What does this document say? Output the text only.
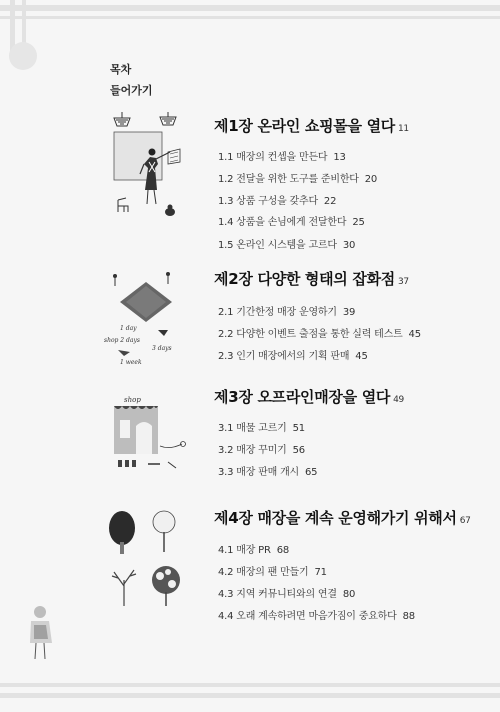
목차
들어가기
제1장 온라인 쇼핑몰을 열다 11
1.1 매장의 컨셉을 만든다 13
1.2 전달을 위한 도구를 준비한다 20
1.3 상품 구성을 갖추다 22
1.4 상품을 손님에게 전달한다 25
1.5 온라인 시스템을 고르다 30
제2장 다양한 형태의 잡화점 37
2.1 기간한정 매장 운영하기 39
2.2 다양한 이벤트 출점을 통한 실력 테스트 45
2.3 인기 매장에서의 기획 판매 45
제3장 오프라인매장을 열다 49
3.1 매물 고르기 51
3.2 매장 꾸미기 56
3.3 매장 판매 개시 65
제4장 매장을 계속 운영해가기 위해서 67
4.1 매장 PR 68
4.2 매장의 팬 만들기 71
4.3 지역 커뮤니티와의 연결 80
4.4 오래 계속하려면 마음가짐이 중요하다 88
1 day
shop 2 days
3 days
1 week
shop
